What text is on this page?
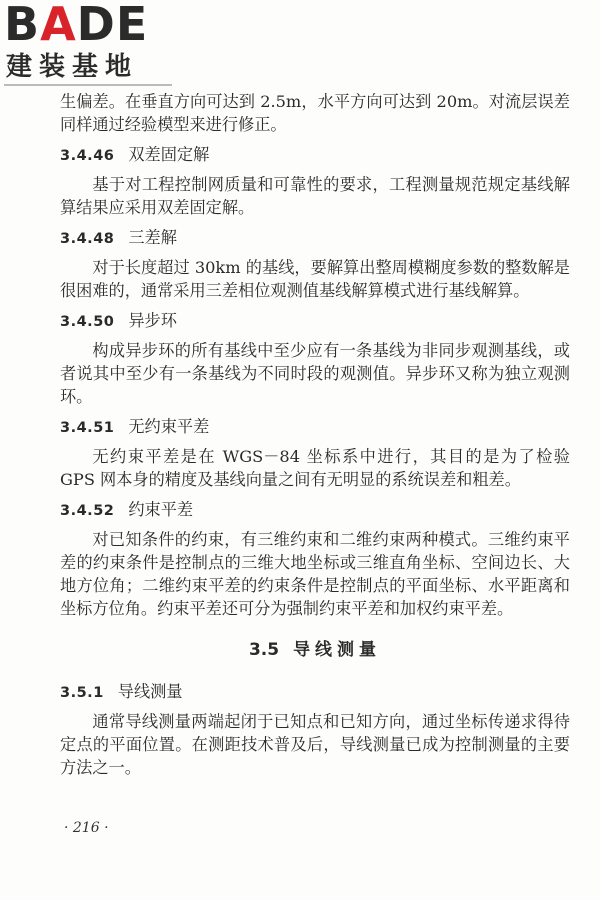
BADE
建装基地

生偏差。在垂直方向可达到 2.5m，水平方向可达到 20m。对流层误差同样通过经验模型来进行修正。

3.4.46 双差固定解

基于对工程控制网质量和可靠性的要求，工程测量规范规定基线解算结果应采用双差固定解。

3.4.48 三差解

对于长度超过 30km 的基线，要解算出整周模糊度参数的整数解是很困难的，通常采用三差相位观测值基线解算模式进行基线解算。

3.4.50 异步环

构成异步环的所有基线中至少应有一条基线为非同步观测基线，或者说其中至少有一条基线为不同时段的观测值。异步环又称为独立观测环。

3.4.51 无约束平差

无约束平差是在 WGS－84 坐标系中进行，其目的是为了检验 GPS 网本身的精度及基线向量之间有无明显的系统误差和粗差。

3.4.52 约束平差

对已知条件的约束，有三维约束和二维约束两种模式。三维约束平差的约束条件是控制点的三维大地坐标或三维直角坐标、空间边长、大地方位角；二维约束平差的约束条件是控制点的平面坐标、水平距离和坐标方位角。约束平差还可分为强制约束平差和加权约束平差。

3.5 导线测量
3.5.1 导线测量

通常导线测量两端起闭于已知点和已知方向，通过坐标传递求得待定点的平面位置。在测距技术普及后，导线测量已成为控制测量的主要方法之一。

· 216 ·
